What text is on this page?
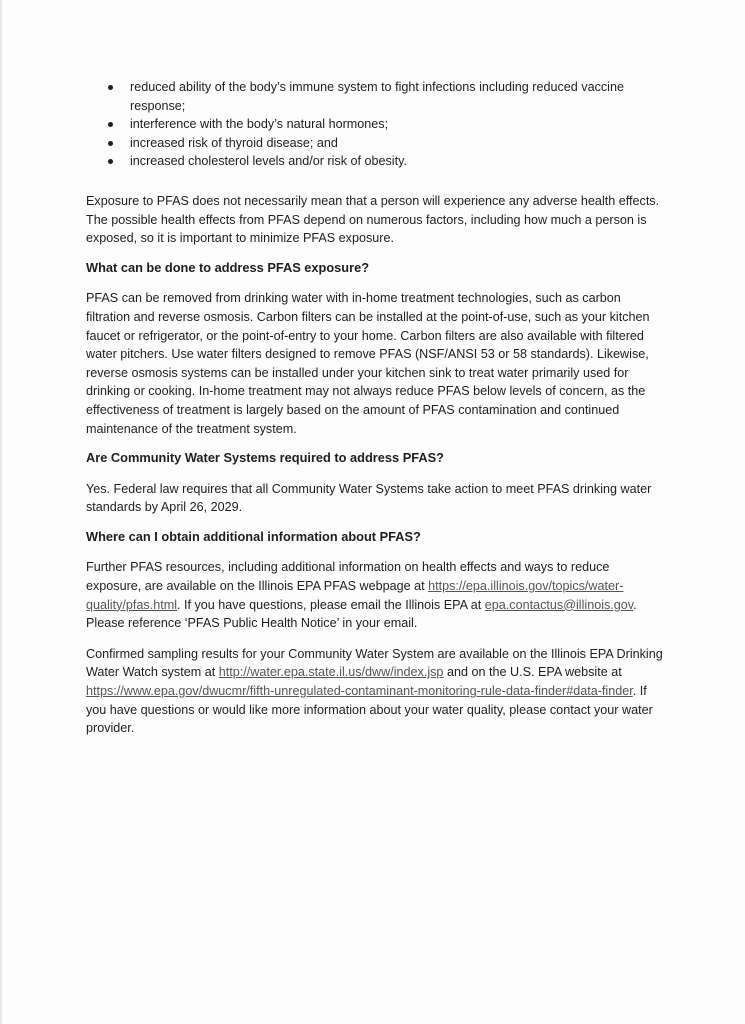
reduced ability of the body’s immune system to fight infections including reduced vaccine response;
interference with the body’s natural hormones;
increased risk of thyroid disease; and
increased cholesterol levels and/or risk of obesity.

Exposure to PFAS does not necessarily mean that a person will experience any adverse health effects. The possible health effects from PFAS depend on numerous factors, including how much a person is exposed, so it is important to minimize PFAS exposure.

What can be done to address PFAS exposure?

PFAS can be removed from drinking water with in-home treatment technologies, such as carbon filtration and reverse osmosis. Carbon filters can be installed at the point-of-use, such as your kitchen faucet or refrigerator, or the point-of-entry to your home. Carbon filters are also available with filtered water pitchers. Use water filters designed to remove PFAS (NSF/ANSI 53 or 58 standards). Likewise, reverse osmosis systems can be installed under your kitchen sink to treat water primarily used for drinking or cooking. In-home treatment may not always reduce PFAS below levels of concern, as the effectiveness of treatment is largely based on the amount of PFAS contamination and continued maintenance of the treatment system.

Are Community Water Systems required to address PFAS?

Yes. Federal law requires that all Community Water Systems take action to meet PFAS drinking water standards by April 26, 2029.

Where can I obtain additional information about PFAS?

Further PFAS resources, including additional information on health effects and ways to reduce exposure, are available on the Illinois EPA PFAS webpage at https://epa.illinois.gov/topics/water-quality/pfas.html. If you have questions, please email the Illinois EPA at epa.contactus@illinois.gov. Please reference ‘PFAS Public Health Notice’ in your email.

Confirmed sampling results for your Community Water System are available on the Illinois EPA Drinking Water Watch system at http://water.epa.state.il.us/dww/index.jsp and on the U.S. EPA website at https://www.epa.gov/dwucmr/fifth-unregulated-contaminant-monitoring-rule-data-finder#data-finder. If you have questions or would like more information about your water quality, please contact your water provider.
